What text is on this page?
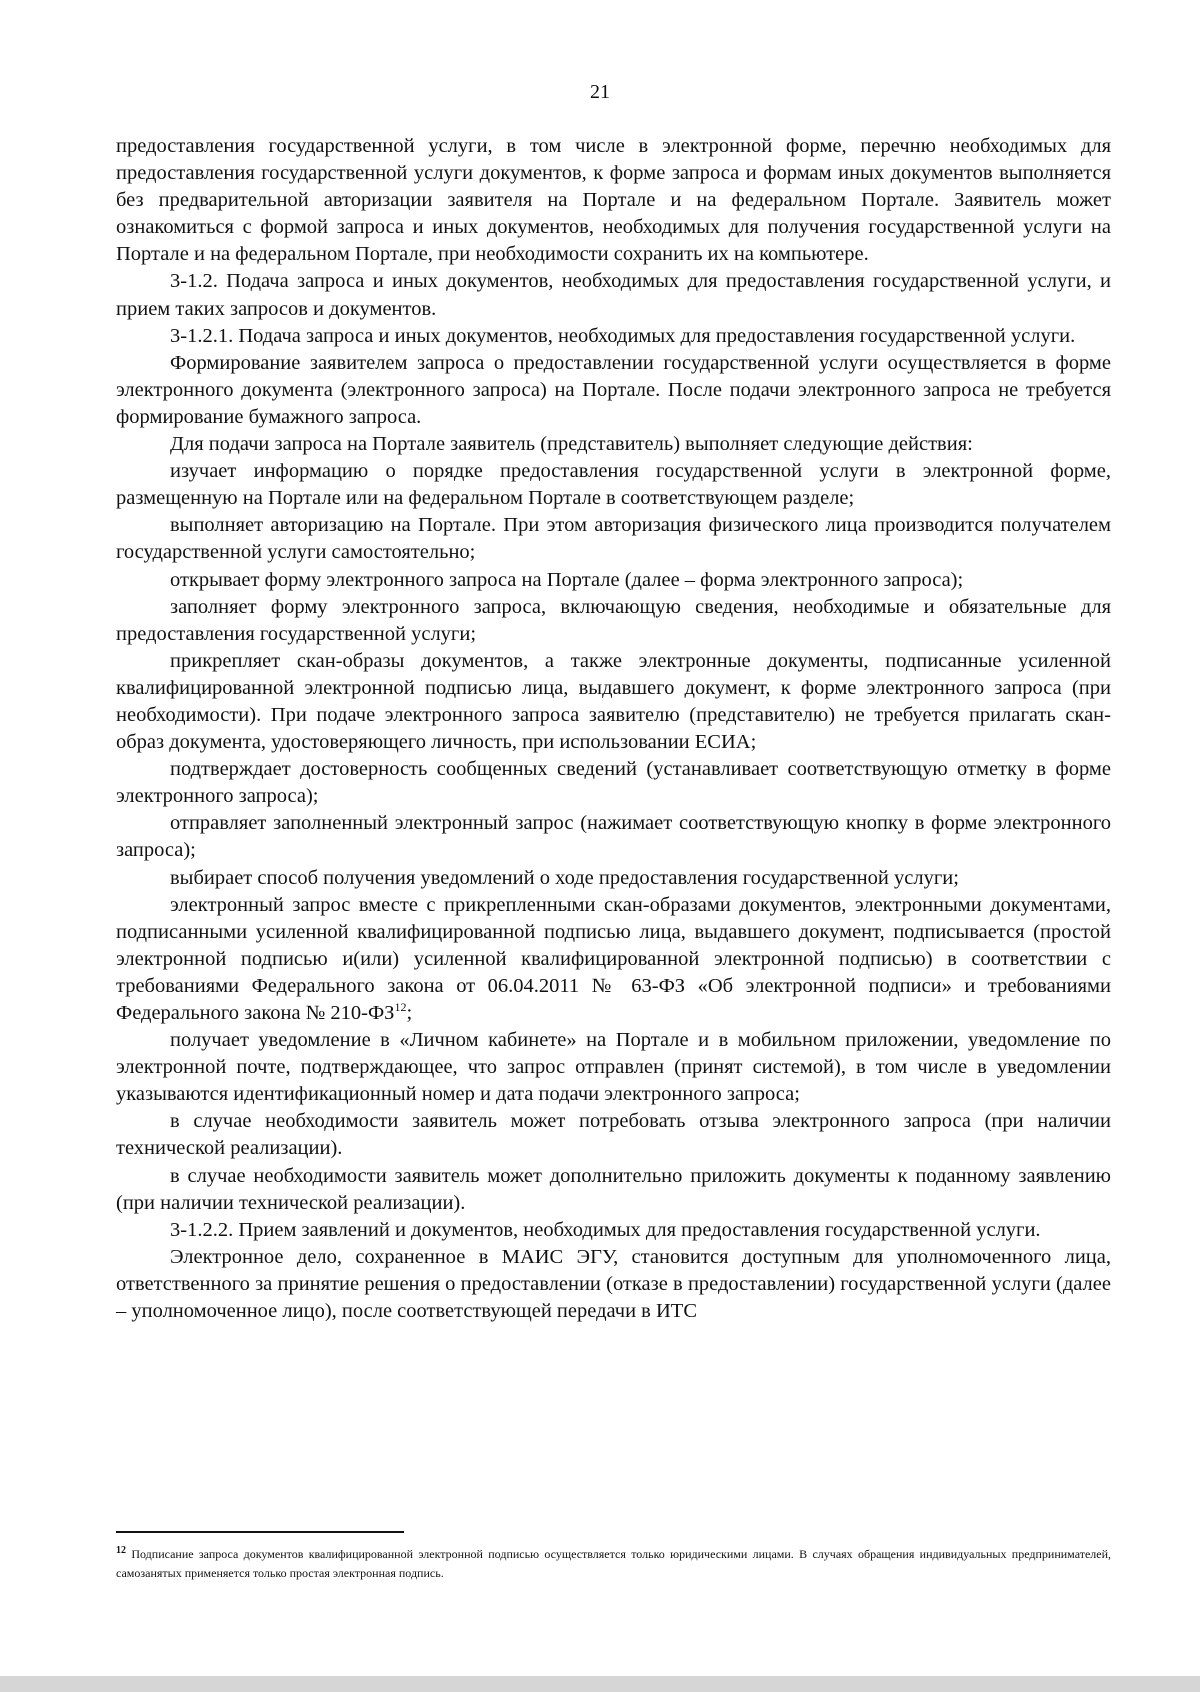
21

предоставления государственной услуги, в том числе в электронной форме, перечню необходимых для предоставления государственной услуги документов, к форме запроса и формам иных документов выполняется без предварительной авторизации заявителя на Портале и на федеральном Портале. Заявитель может ознакомиться с формой запроса и иных документов, необходимых для получения государственной услуги на Портале и на федеральном Портале, при необходимости сохранить их на компьютере.

3-1.2. Подача запроса и иных документов, необходимых для предоставления государственной услуги, и прием таких запросов и документов.

3-1.2.1. Подача запроса и иных документов, необходимых для предоставления государственной услуги.

Формирование заявителем запроса о предоставлении государственной услуги осуществляется в форме электронного документа (электронного запроса) на Портале. После подачи электронного запроса не требуется формирование бумажного запроса.

Для подачи запроса на Портале заявитель (представитель) выполняет следующие действия:

изучает информацию о порядке предоставления государственной услуги в электронной форме, размещенную на Портале или на федеральном Портале в соответствующем разделе;

выполняет авторизацию на Портале. При этом авторизация физического лица производится получателем государственной услуги самостоятельно;

открывает форму электронного запроса на Портале (далее – форма электронного запроса);

заполняет форму электронного запроса, включающую сведения, необходимые и обязательные для предоставления государственной услуги;

прикрепляет скан-образы документов, а также электронные документы, подписанные усиленной квалифицированной электронной подписью лица, выдавшего документ, к форме электронного запроса (при необходимости). При подаче электронного запроса заявителю (представителю) не требуется прилагать скан-образ документа, удостоверяющего личность, при использовании ЕСИА;

подтверждает достоверность сообщенных сведений (устанавливает соответствующую отметку в форме электронного запроса);

отправляет заполненный электронный запрос (нажимает соответствующую кнопку в форме электронного запроса);

выбирает способ получения уведомлений о ходе предоставления государственной услуги;

электронный запрос вместе с прикрепленными скан-образами документов, электронными документами, подписанными усиленной квалифицированной подписью лица, выдавшего документ, подписывается (простой электронной подписью и(или) усиленной квалифицированной электронной подписью) в соответствии с требованиями Федерального закона от 06.04.2011 № 63-ФЗ «Об электронной подписи» и требованиями Федерального закона № 210-ФЗ$^{12}$;

получает уведомление в «Личном кабинете» на Портале и в мобильном приложении, уведомление по электронной почте, подтверждающее, что запрос отправлен (принят системой), в том числе в уведомлении указываются идентификационный номер и дата подачи электронного запроса;

в случае необходимости заявитель может потребовать отзыва электронного запроса (при наличии технической реализации).

в случае необходимости заявитель может дополнительно приложить документы к поданному заявлению (при наличии технической реализации).

3-1.2.2. Прием заявлений и документов, необходимых для предоставления государственной услуги.

Электронное дело, сохраненное в МАИС ЭГУ, становится доступным для уполномоченного лица, ответственного за принятие решения о предоставлении (отказе в предоставлении) государственной услуги (далее – уполномоченное лицо), после соответствующей передачи в ИТС

$^{12}$ Подписание запроса документов квалифицированной электронной подписью осуществляется только юридическими лицами. В случаях обращения индивидуальных предпринимателей, самозанятых применяется только простая электронная подпись.
